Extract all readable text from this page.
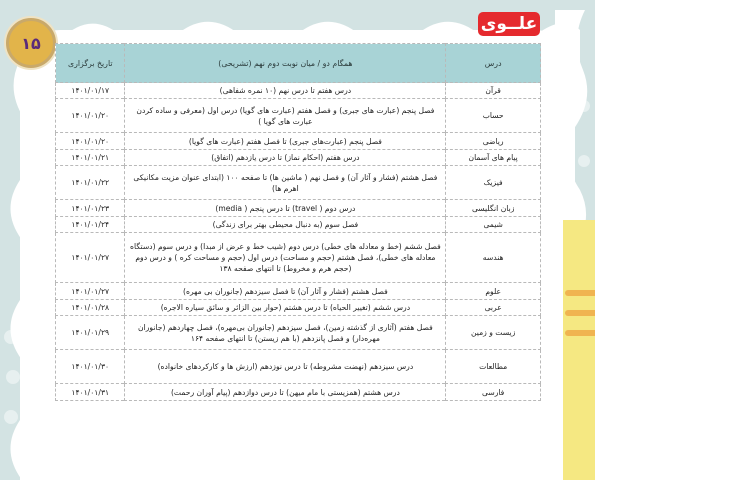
۱۵
علــوی
درس	همگام دو / میان نوبت دوم نهم (تشریحی)	تاریخ برگزاری
قرآن	درس هفتم تا درس نهم (۱۰ نمره شفاهی)	۱۴۰۱/۰۱/۱۷
حساب	فصل پنجم (عبارت های جبری) و فصل هفتم (عبارت های گویا) درس اول (معرفی و ساده کردن عبارت های گویا )	۱۴۰۱/۰۱/۲۰
ریاضی	فصل پنجم (عبارت‌های جبری) تا فصل هفتم (عبارت های گویا)	۱۴۰۱/۰۱/۲۰
پیام های آسمان	درس هفتم (احکام نماز) تا درس یازدهم (اتفاق)	۱۴۰۱/۰۱/۲۱
فیزیک	فصل هشتم (فشار و آثار آن) و فصل نهم ( ماشین ها) تا صفحه ۱۰۰ (ابتدای عنوان مزیت مکانیکی اهرم ها)	۱۴۰۱/۰۱/۲۲
زبان انگلیسی	درس دوم ( travel) تا درس پنجم ( media)	۱۴۰۱/۰۱/۲۳
شیمی	فصل سوم (به دنبال محیطی بهتر برای زندگی)	۱۴۰۱/۰۱/۲۴
هندسه	فصل ششم (خط و معادله های خطی) درس دوم (شیب خط و عرض از مبدا) و درس سوم (دستگاه معادله های خطی)، فصل هشتم (حجم و مساحت) درس اول (حجم و مساحت کره ) و درس دوم (حجم هرم و مخروط) تا انتهای صفحه ۱۳۸	۱۴۰۱/۰۱/۲۷
علوم	فصل هشتم (فشار و آثار آن) تا فصل سیزدهم (جانوران بی مهره)	۱۴۰۱/۰۱/۲۷
عربی	درس ششم (تغییر الحیاه) تا درس هشتم (حوار بین الزائر و سائق سیاره الاجره)	۱۴۰۱/۰۱/۲۸
زیست و زمین	فصل هفتم (آثاری از گذشته زمین)، فصل سیزدهم (جانوران بی‌مهره)، فصل چهاردهم (جانوران مهره‌دار) و فصل پانزدهم (با هم زیستن) تا انتهای صفحه ۱۶۴	۱۴۰۱/۰۱/۲۹
مطالعات	درس سیزدهم (نهضت مشروطه) تا درس نوزدهم (ارزش ها و کارکردهای خانواده)	۱۴۰۱/۰۱/۳۰
فارسی	درس هشتم (همزیستی با مام میهن) تا درس دوازدهم (پیام آوران رحمت)	۱۴۰۱/۰۱/۳۱
